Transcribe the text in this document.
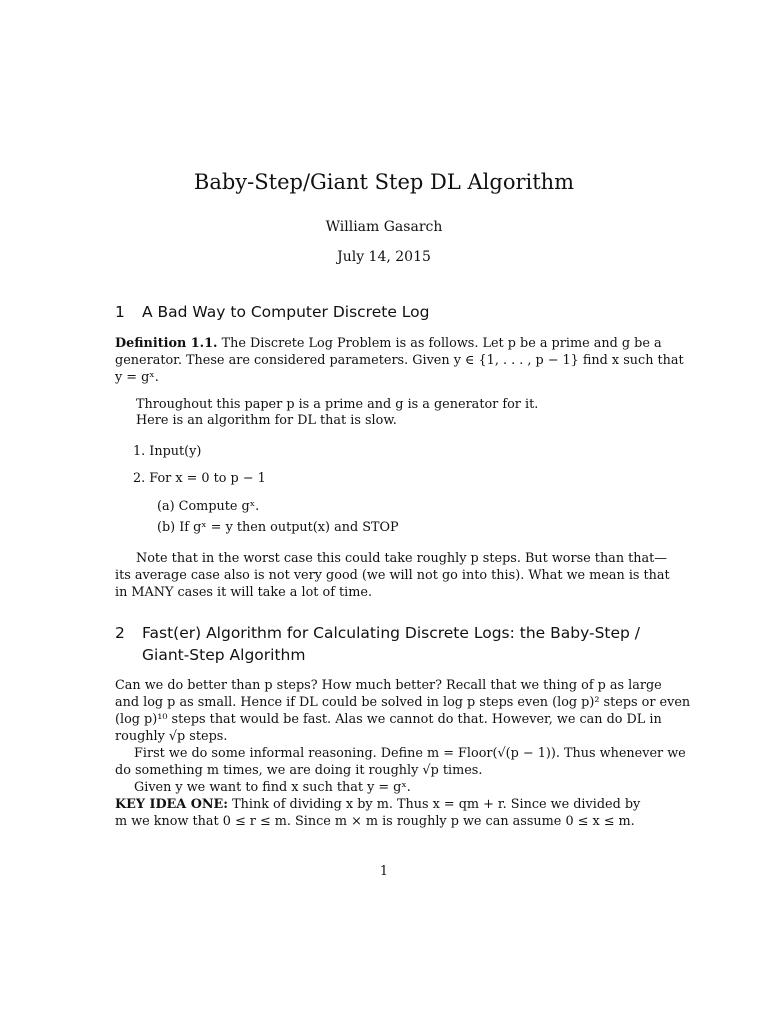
Baby-Step/Giant Step DL Algorithm
William Gasarch
July 14, 2015
1 A Bad Way to Computer Discrete Log
Definition 1.1. The Discrete Log Problem is as follows. Let p be a prime and g be a
generator. These are considered parameters. Given y ∈ {1, . . . , p − 1} find x such that
y = gˣ.
Throughout this paper p is a prime and g is a generator for it.
Here is an algorithm for DL that is slow.
1. Input(y)
2. For x = 0 to p − 1
(a) Compute gˣ.
(b) If gˣ = y then output(x) and STOP
Note that in the worst case this could take roughly p steps. But worse than that—
its average case also is not very good (we will not go into this). What we mean is that
in MANY cases it will take a lot of time.
2 Fast(er) Algorithm for Calculating Discrete Logs: the Baby-Step /
Giant-Step Algorithm
Can we do better than p steps? How much better? Recall that we thing of p as large
and log p as small. Hence if DL could be solved in log p steps even (log p)² steps or even
(log p)¹⁰ steps that would be fast. Alas we cannot do that. However, we can do DL in
roughly √p steps.
First we do some informal reasoning. Define m = Floor(√(p − 1)). Thus whenever we
do something m times, we are doing it roughly √p times.
Given y we want to find x such that y = gˣ.
KEY IDEA ONE: Think of dividing x by m. Thus x = qm + r. Since we divided by
m we know that 0 ≤ r ≤ m. Since m × m is roughly p we can assume 0 ≤ x ≤ m.
1
